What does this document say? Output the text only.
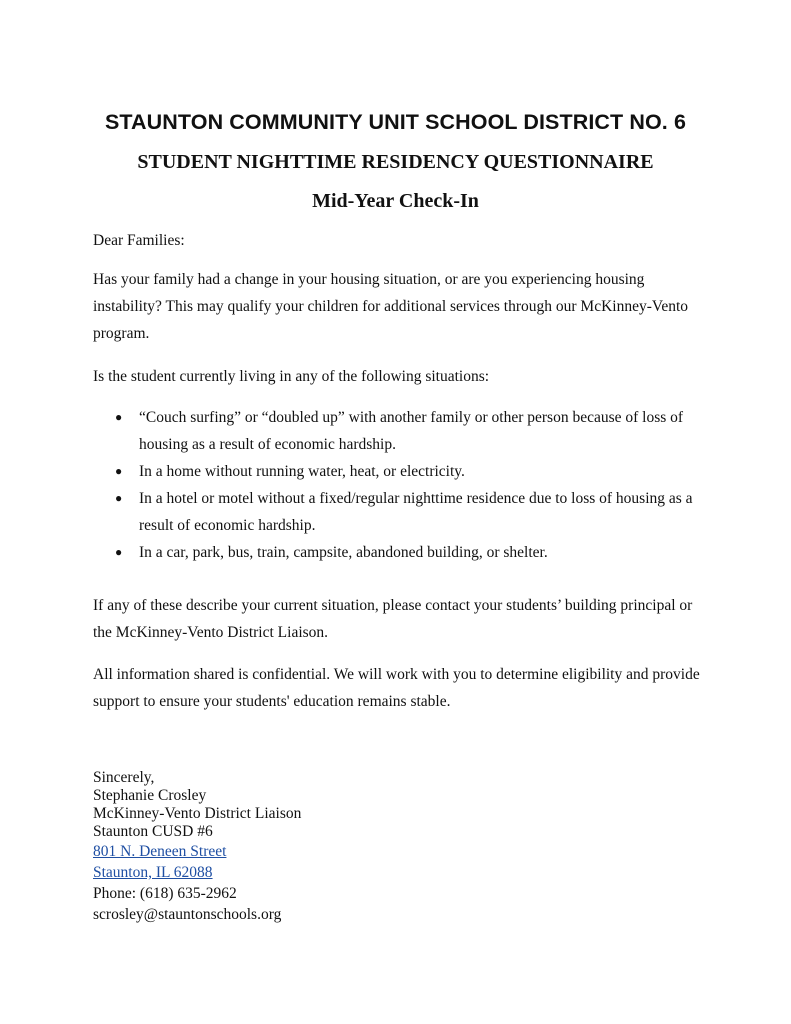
STAUNTON COMMUNITY UNIT SCHOOL DISTRICT NO. 6
STUDENT NIGHTTIME RESIDENCY QUESTIONNAIRE
Mid-Year Check-In

Dear Families:

Has your family had a change in your housing situation, or are you experiencing housing instability? This may qualify your children for additional services through our McKinney-Vento program.

Is the student currently living in any of the following situations:

● “Couch surfing” or “doubled up” with another family or other person because of loss of housing as a result of economic hardship.
● In a home without running water, heat, or electricity.
● In a hotel or motel without a fixed/regular nighttime residence due to loss of housing as a result of economic hardship.
● In a car, park, bus, train, campsite, abandoned building, or shelter.

If any of these describe your current situation, please contact your students’ building principal or the McKinney-Vento District Liaison.

All information shared is confidential. We will work with you to determine eligibility and provide support to ensure your students' education remains stable.

Sincerely,
Stephanie Crosley
McKinney-Vento District Liaison
Staunton CUSD #6
801 N. Deneen Street
Staunton, IL 62088
Phone: (618) 635-2962
scrosley@stauntonschools.org
